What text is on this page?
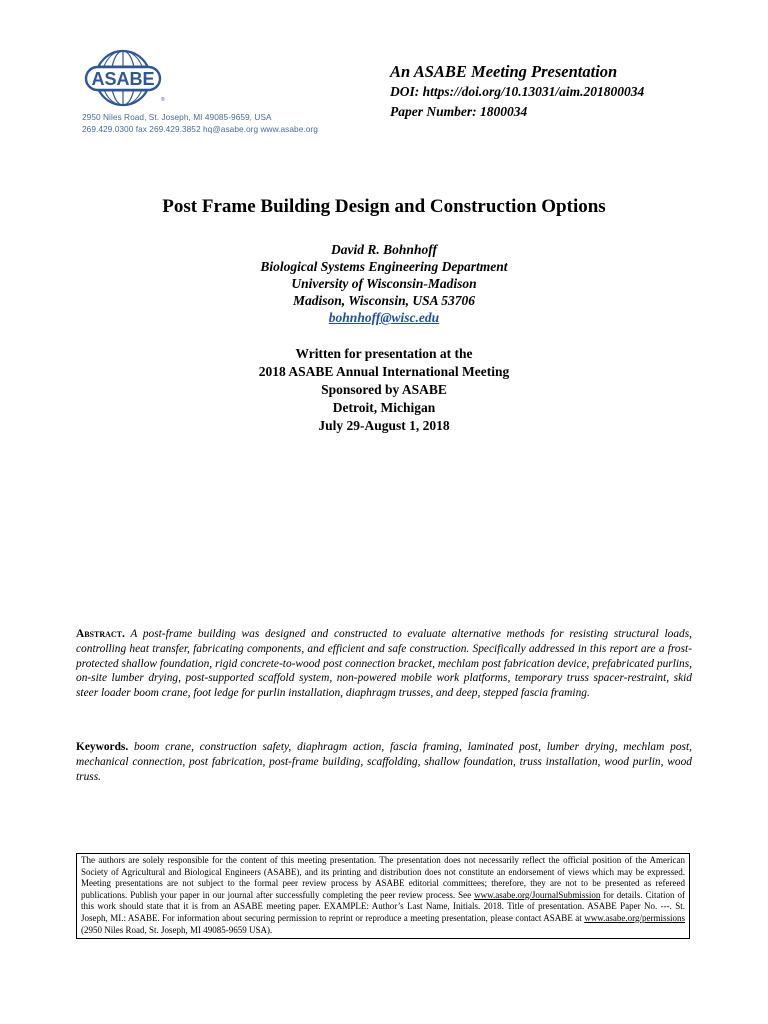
ASABE
®
2950 Niles Road, St. Joseph, MI 49085-9659, USA
269.429.0300 fax 269.429.3852 hq@asabe.org www.asabe.org
An ASABE Meeting Presentation
DOI: https://doi.org/10.13031/aim.201800034
Paper Number: 1800034
Post Frame Building Design and Construction Options
David R. Bohnhoff
Biological Systems Engineering Department
University of Wisconsin-Madison
Madison, Wisconsin, USA 53706
bohnhoff@wisc.edu
Written for presentation at the
2018 ASABE Annual International Meeting
Sponsored by ASABE
Detroit, Michigan
July 29-August 1, 2018
Abstract. A post-frame building was designed and constructed to evaluate alternative methods for resisting structural loads, controlling heat transfer, fabricating components, and efficient and safe construction. Specifically addressed in this report are a frost-protected shallow foundation, rigid concrete-to-wood post connection bracket, mechlam post fabrication device, prefabricated purlins, on-site lumber drying, post-supported scaffold system, non-powered mobile work platforms, temporary truss spacer-restraint, skid steer loader boom crane, foot ledge for purlin installation, diaphragm trusses, and deep, stepped fascia framing.
Keywords. boom crane, construction safety, diaphragm action, fascia framing, laminated post, lumber drying, mechlam post, mechanical connection, post fabrication, post-frame building, scaffolding, shallow foundation, truss installation, wood purlin, wood truss.
The authors are solely responsible for the content of this meeting presentation. The presentation does not necessarily reflect the official position of the American Society of Agricultural and Biological Engineers (ASABE), and its printing and distribution does not constitute an endorsement of views which may be expressed. Meeting presentations are not subject to the formal peer review process by ASABE editorial committees; therefore, they are not to be presented as refereed publications. Publish your paper in our journal after successfully completing the peer review process. See www.asabe.org/JournalSubmission for details. Citation of this work should state that it is from an ASABE meeting paper. EXAMPLE: Author’s Last Name, Initials. 2018. Title of presentation. ASABE Paper No. ---. St. Joseph, MI.: ASABE. For information about securing permission to reprint or reproduce a meeting presentation, please contact ASABE at www.asabe.org/permissions (2950 Niles Road, St. Joseph, MI 49085-9659 USA).
